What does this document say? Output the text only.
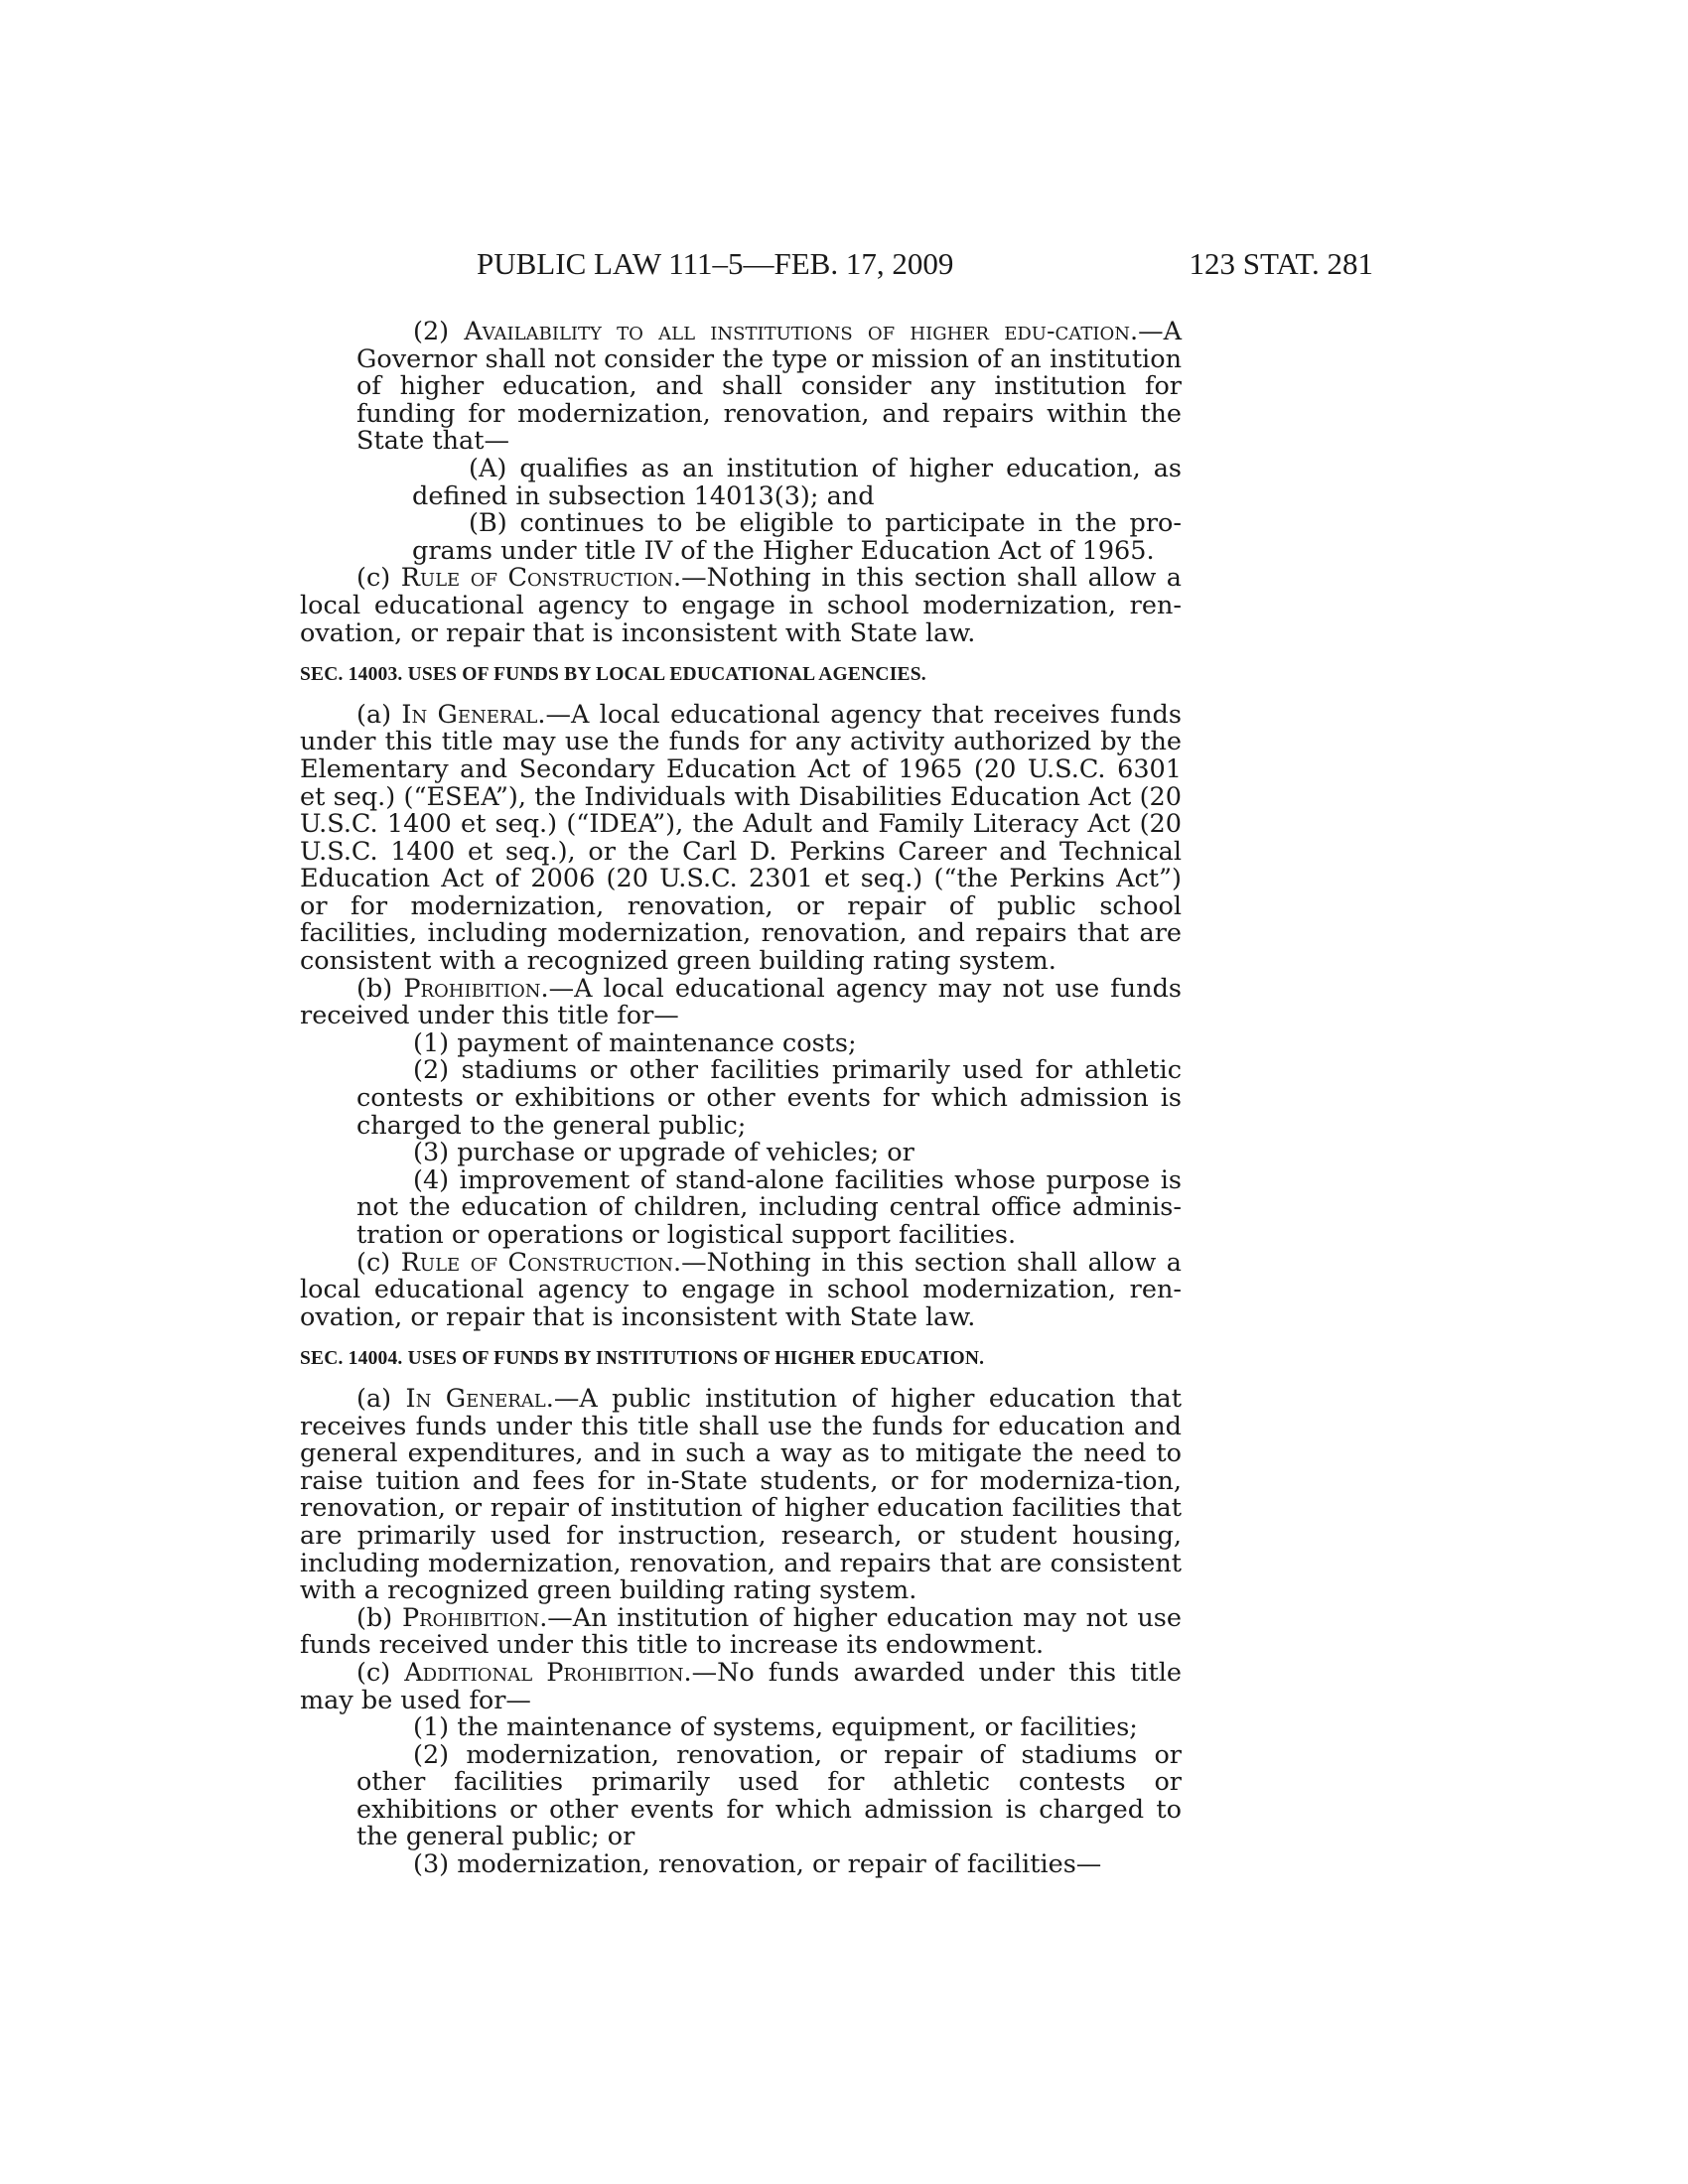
PUBLIC LAW 111–5—FEB. 17, 2009	123 STAT. 281

(2) Availability to all institutions of higher edu-cation.—A Governor shall not consider the type or mission of an institution of higher education, and shall consider any institution for funding for modernization, renovation, and repairs within the State that—

(A) qualifies as an institution of higher education, as defined in subsection 14013(3); and

(B) continues to be eligible to participate in the pro-grams under title IV of the Higher Education Act of 1965.

(c) Rule of Construction.—Nothing in this section shall allow a local educational agency to engage in school modernization, ren-ovation, or repair that is inconsistent with State law.

SEC. 14003. USES OF FUNDS BY LOCAL EDUCATIONAL AGENCIES.

(a) In General.—A local educational agency that receives funds under this title may use the funds for any activity authorized by the Elementary and Secondary Education Act of 1965 (20 U.S.C. 6301 et seq.) (“ESEA”), the Individuals with Disabilities Education Act (20 U.S.C. 1400 et seq.) (“IDEA”), the Adult and Family Literacy Act (20 U.S.C. 1400 et seq.), or the Carl D. Perkins Career and Technical Education Act of 2006 (20 U.S.C. 2301 et seq.) (“the Perkins Act”) or for modernization, renovation, or repair of public school facilities, including modernization, renovation, and repairs that are consistent with a recognized green building rating system.

(b) Prohibition.—A local educational agency may not use funds received under this title for—

(1) payment of maintenance costs;

(2) stadiums or other facilities primarily used for athletic contests or exhibitions or other events for which admission is charged to the general public;

(3) purchase or upgrade of vehicles; or

(4) improvement of stand-alone facilities whose purpose is not the education of children, including central office adminis-tration or operations or logistical support facilities.

(c) Rule of Construction.—Nothing in this section shall allow a local educational agency to engage in school modernization, ren-ovation, or repair that is inconsistent with State law.

SEC. 14004. USES OF FUNDS BY INSTITUTIONS OF HIGHER EDUCATION.

(a) In General.—A public institution of higher education that receives funds under this title shall use the funds for education and general expenditures, and in such a way as to mitigate the need to raise tuition and fees for in-State students, or for moderniza-tion, renovation, or repair of institution of higher education facilities that are primarily used for instruction, research, or student housing, including modernization, renovation, and repairs that are consistent with a recognized green building rating system.

(b) Prohibition.—An institution of higher education may not use funds received under this title to increase its endowment.

(c) Additional Prohibition.—No funds awarded under this title may be used for—

(1) the maintenance of systems, equipment, or facilities;

(2) modernization, renovation, or repair of stadiums or other facilities primarily used for athletic contests or exhibitions or other events for which admission is charged to the general public; or

(3) modernization, renovation, or repair of facilities—
